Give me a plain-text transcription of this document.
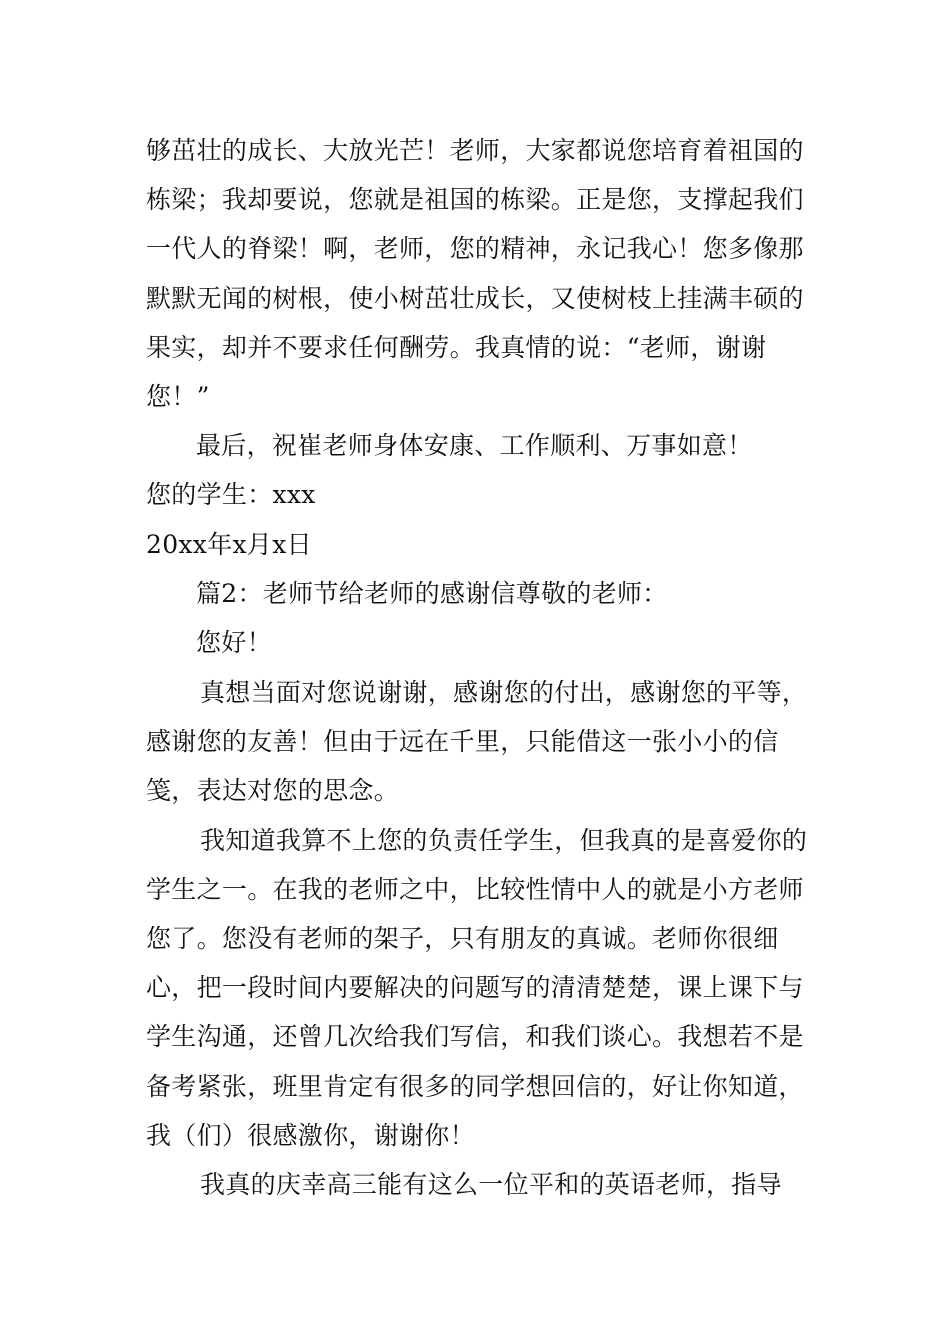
够茁壮的成长、大放光芒！老师，大家都说您培育着祖国的栋梁；我却要说，您就是祖国的栋梁。正是您，支撑起我们一代人的脊梁！啊，老师，您的精神，永记我心！您多像那默默无闻的树根，使小树茁壮成长，又使树枝上挂满丰硕的果实，却并不要求任何酬劳。我真情的说：“老师，谢谢您！”

最后，祝崔老师身体安康、工作顺利、万事如意！

您的学生：xxx

20xx年x月x日

篇2：老师节给老师的感谢信尊敬的老师：

您好！

真想当面对您说谢谢，感谢您的付出，感谢您的平等，感谢您的友善！但由于远在千里，只能借这一张小小的信笺，表达对您的思念。

我知道我算不上您的负责任学生，但我真的是喜爱你的学生之一。在我的老师之中，比较性情中人的就是小方老师您了。您没有老师的架子，只有朋友的真诚。老师你很细心，把一段时间内要解决的问题写的清清楚楚，课上课下与学生沟通，还曾几次给我们写信，和我们谈心。我想若不是备考紧张，班里肯定有很多的同学想回信的，好让你知道，我（们）很感激你，谢谢你！

我真的庆幸高三能有这么一位平和的英语老师，指导
